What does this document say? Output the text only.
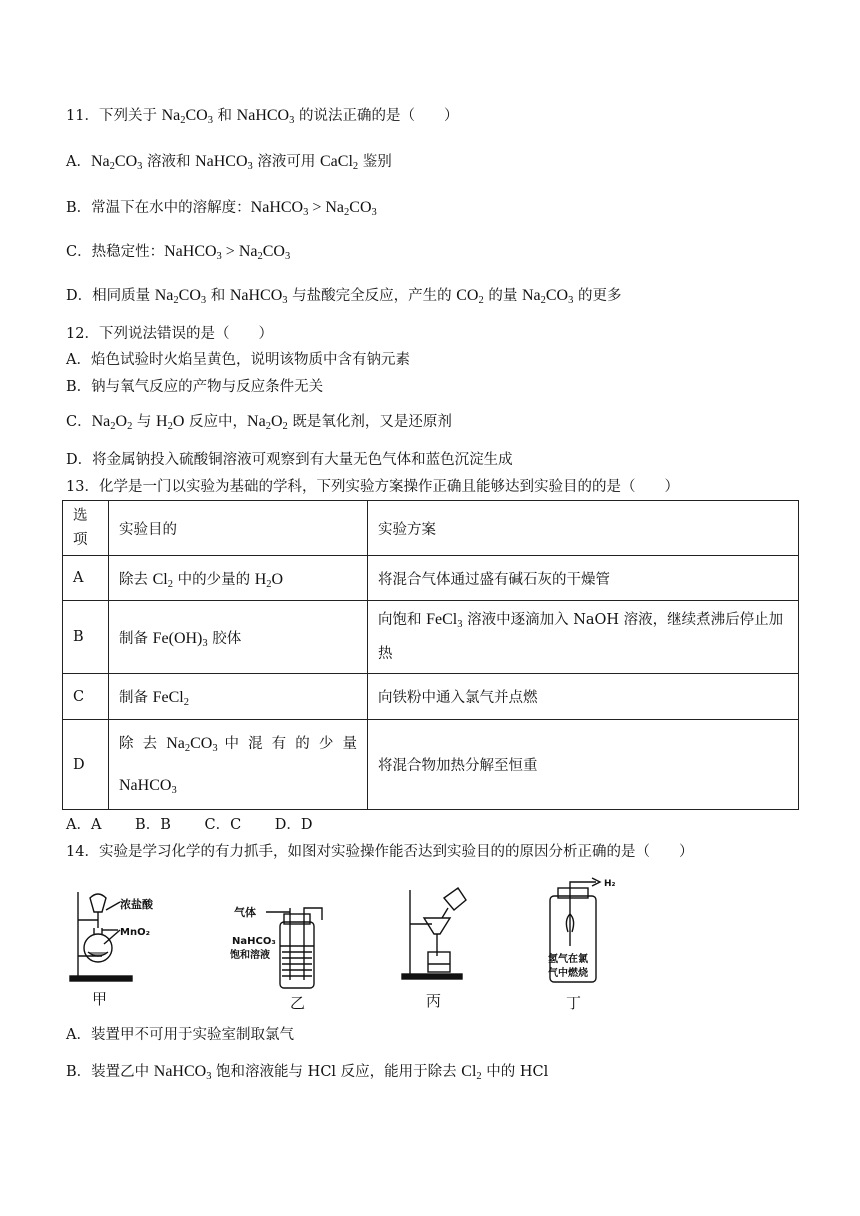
11．下列关于 $Na_2CO_3$ 和 NaHCO$_3$ 的说法正确的是（　　）
A．$Na_2CO_3$ 溶液和 NaHCO$_3$ 溶液可用 CaCl$_2$ 鉴别
B．常温下在水中的溶解度：NaHCO$_3$ > $Na_2CO_3$
C．热稳定性：NaHCO$_3$ > $Na_2CO_3$
D．相同质量 $Na_2CO_3$ 和 NaHCO$_3$ 与盐酸完全反应，产生的 $CO_2$ 的量 $Na_2CO_3$ 的更多
12．下列说法错误的是（　　）
A．焰色试验时火焰呈黄色，说明该物质中含有钠元素
B．钠与氧气反应的产物与反应条件无关
C．$Na_2O_2$ 与 $H_2O$ 反应中，$Na_2O_2$ 既是氧化剂，又是还原剂
D．将金属钠投入硫酸铜溶液可观察到有大量无色气体和蓝色沉淀生成
13．化学是一门以实验为基础的学科，下列实验方案操作正确且能够达到实验目的的是（　　）
选
项	实验目的	实验方案
A	除去 $Cl_2$ 中的少量的 $H_2O$	将混合气体通过盛有碱石灰的干燥管
B	制备 $Fe(OH)_3$ 胶体	向饱和 FeCl$_3$ 溶液中逐滴加入 NaOH 溶液，继续煮沸后停止加
热

C	制备 FeCl$_2$	向铁粉中通入氯气并点燃
D	除 去 $Na_2CO_3$ 中 混 有 的 少 量
NaHCO$_3$	将混合物加热分解至恒重
A．A　　 B．B　　 C．C　　 D．D
14．实验是学习化学的有力抓手，如图对实验操作能否达到实验目的的原因分析正确的是（　　）
浓盐酸
MnO₂
甲
气体
NaHCO₃
饱和溶液
乙	丙
H₂
氢气在氯
气中燃烧
丁
A．装置甲不可用于实验室制取氯气
B．装置乙中 NaHCO$_3$ 饱和溶液能与 HCl 反应，能用于除去 $Cl_2$ 中的 HCl
